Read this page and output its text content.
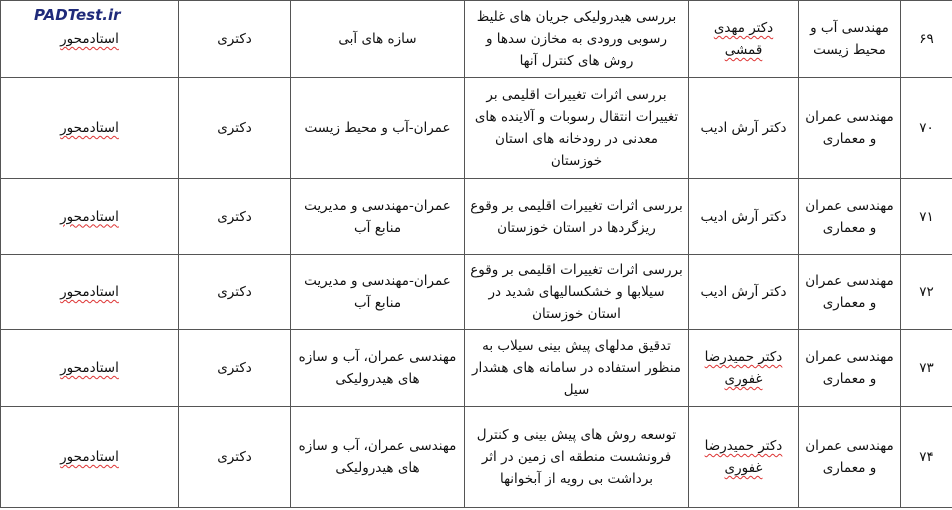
PADTest.ir
۶۹	مهندسی آب و محیط زیست	دکتر مهدی قمشی	بررسی هیدرولیکی جریان های غلیظ رسوبی ورودی به مخازن سدها و روش های کنترل آنها	سازه های آبی	دکتری	استادمحور
۷۰	مهندسی عمران و معماری	دکتر آرش ادیب	بررسی اثرات تغییرات اقلیمی بر تغییرات انتقال رسوبات و آلاینده های معدنی در رودخانه های استان خوزستان	عمران-آب و محیط زیست	دکتری	استادمحور
۷۱	مهندسی عمران و معماری	دکتر آرش ادیب	بررسی اثرات تغییرات اقلیمی بر وقوع ریزگردها در استان خوزستان	عمران-مهندسی و مدیریت منابع آب	دکتری	استادمحور
۷۲	مهندسی عمران و معماری	دکتر آرش ادیب	بررسی اثرات تغییرات اقلیمی بر وقوع سیلابها و خشکسالیهای شدید در استان خوزستان	عمران-مهندسی و مدیریت منابع آب	دکتری	استادمحور
۷۳	مهندسی عمران و معماری	دکتر حمیدرضا غفوری	تدقیق مدلهای پیش بینی سیلاب به منظور استفاده در سامانه های هشدار سیل	مهندسی عمران، آب و سازه های هیدرولیکی	دکتری	استادمحور
۷۴	مهندسی عمران و معماری	دکتر حمیدرضا غفوری	توسعه روش های پیش بینی و کنترل فرونشست منطقه ای زمین در اثر برداشت بی رویه از آبخوانها	مهندسی عمران، آب و سازه های هیدرولیکی	دکتری	استادمحور
